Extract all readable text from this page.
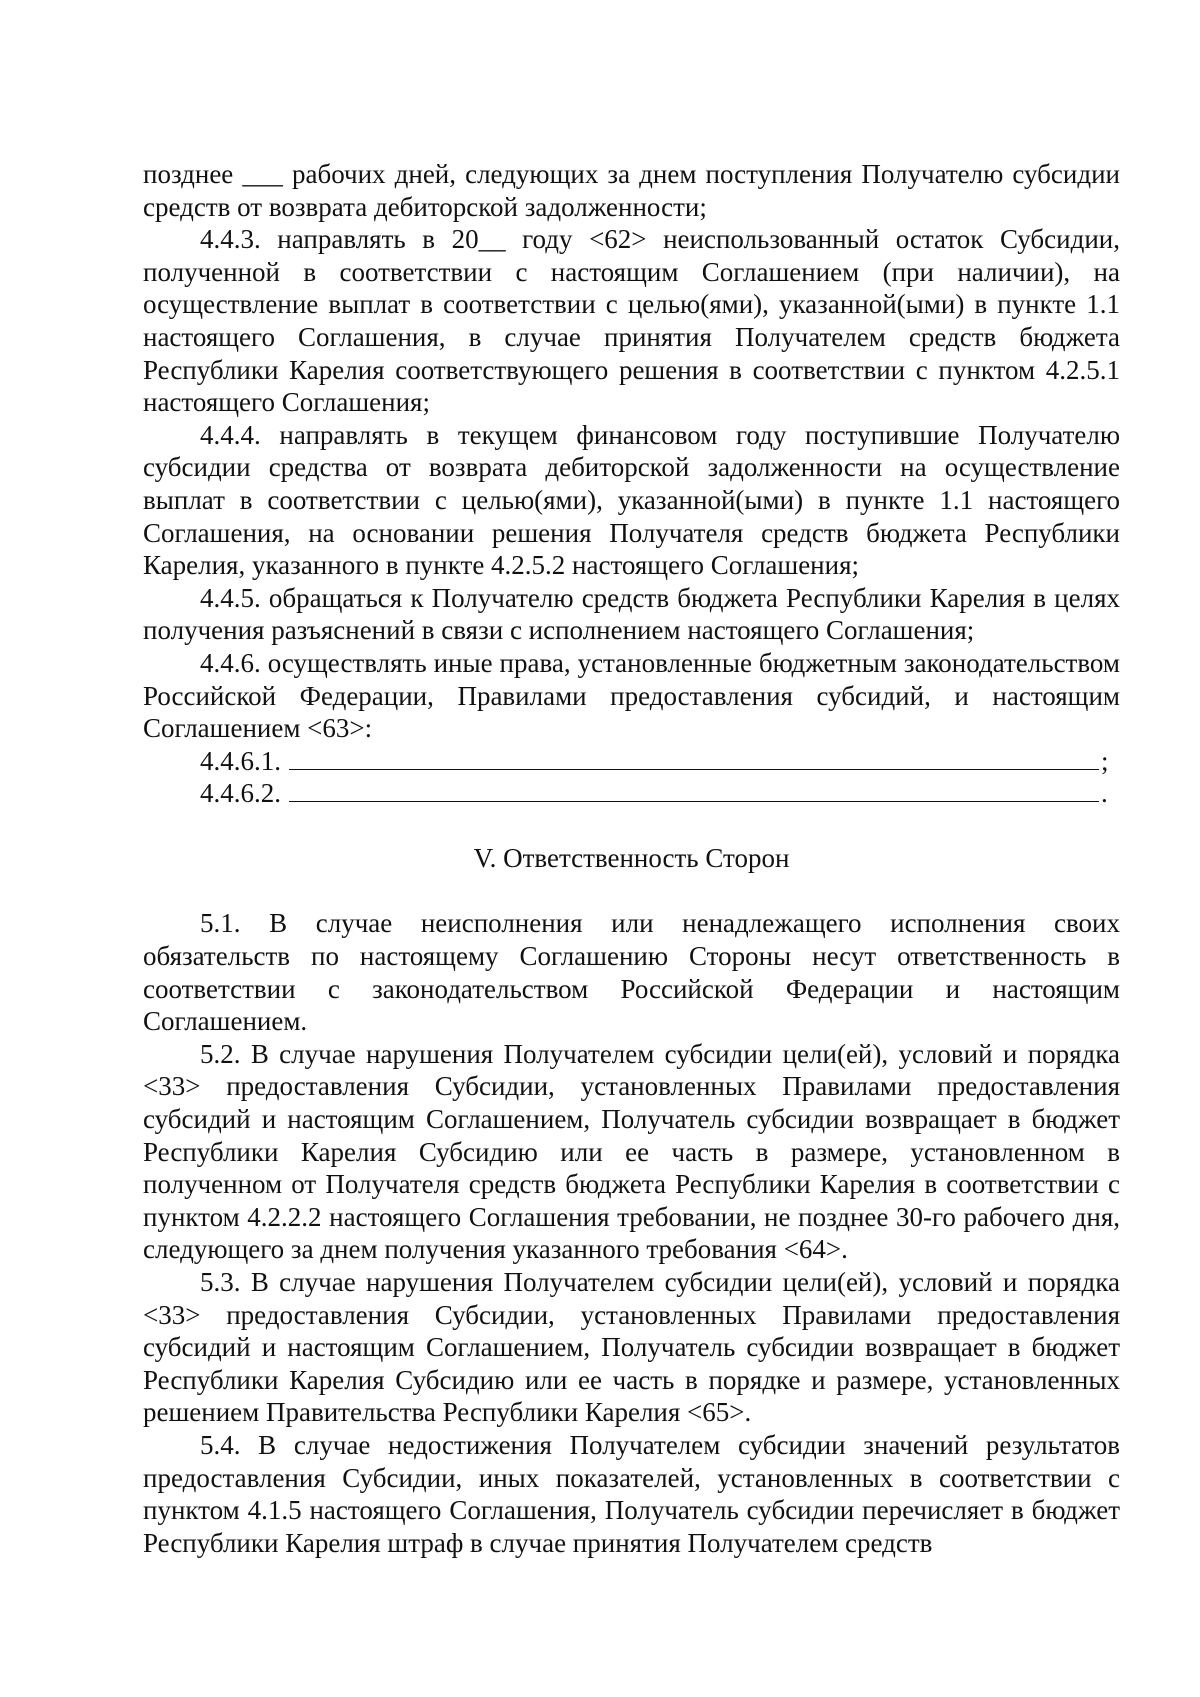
позднее ___ рабочих дней, следующих за днем поступления Получателю субсидии средств от возврата дебиторской задолженности;

4.4.3. направлять в 20__ году <62> неиспользованный остаток Субсидии, полученной в соответствии с настоящим Соглашением (при наличии), на осуществление выплат в соответствии с целью(ями), указанной(ыми) в пункте 1.1 настоящего Соглашения, в случае принятия Получателем средств бюджета Республики Карелия соответствующего решения в соответствии с пунктом 4.2.5.1 настоящего Соглашения;

4.4.4. направлять в текущем финансовом году поступившие Получателю субсидии средства от возврата дебиторской задолженности на осуществление выплат в соответствии с целью(ями), указанной(ыми) в пункте 1.1 настоящего Соглашения, на основании решения Получателя средств бюджета Республики Карелия, указанного в пункте 4.2.5.2 настоящего Соглашения;

4.4.5. обращаться к Получателю средств бюджета Республики Карелия в целях получения разъяснений в связи с исполнением настоящего Соглашения;

4.4.6. осуществлять иные права, установленные бюджетным законодательством Российской Федерации, Правилами предоставления субсидий, и настоящим Соглашением <63>:

4.4.6.1.	;
4.4.6.2.	.
V. Ответственность Сторон

5.1. В случае неисполнения или ненадлежащего исполнения своих обязательств по настоящему Соглашению Стороны несут ответственность в соответствии с законодательством Российской Федерации и настоящим Соглашением.

5.2. В случае нарушения Получателем субсидии цели(ей), условий и порядка <33> предоставления Субсидии, установленных Правилами предоставления субсидий и настоящим Соглашением, Получатель субсидии возвращает в бюджет Республики Карелия Субсидию или ее часть в размере, установленном в полученном от Получателя средств бюджета Республики Карелия в соответствии с пунктом 4.2.2.2 настоящего Соглашения требовании, не позднее 30-го рабочего дня, следующего за днем получения указанного требования <64>.

5.3. В случае нарушения Получателем субсидии цели(ей), условий и порядка <33> предоставления Субсидии, установленных Правилами предоставления субсидий и настоящим Соглашением, Получатель субсидии возвращает в бюджет Республики Карелия Субсидию или ее часть в порядке и размере, установленных решением Правительства Республики Карелия <65>.

5.4. В случае недостижения Получателем субсидии значений результатов предоставления Субсидии, иных показателей, установленных в соответствии с пунктом 4.1.5 настоящего Соглашения, Получатель субсидии перечисляет в бюджет Республики Карелия штраф в случае принятия Получателем средств
